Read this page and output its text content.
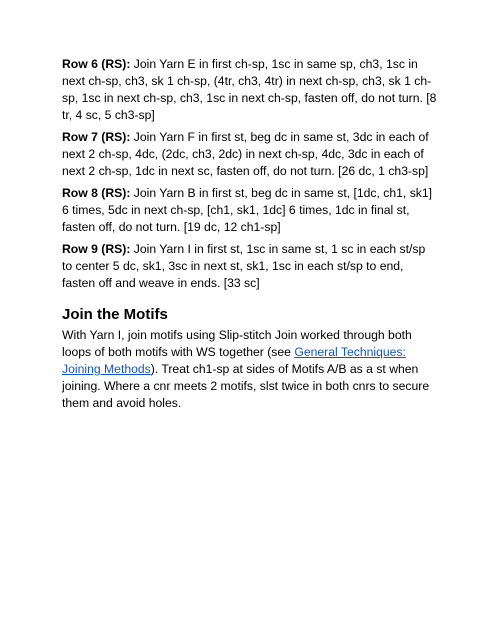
Row 6 (RS): Join Yarn E in first ch-sp, 1sc in same sp, ch3, 1sc in next ch-sp, ch3, sk 1 ch-sp, (4tr, ch3, 4tr) in next ch-sp, ch3, sk 1 ch-sp, 1sc in next ch-sp, ch3, 1sc in next ch-sp, fasten off, do not turn. [8 tr, 4 sc, 5 ch3-sp]

Row 7 (RS): Join Yarn F in first st, beg dc in same st, 3dc in each of next 2 ch-sp, 4dc, (2dc, ch3, 2dc) in next ch-sp, 4dc, 3dc in each of next 2 ch-sp, 1dc in next sc, fasten off, do not turn. [26 dc, 1 ch3-sp]

Row 8 (RS): Join Yarn B in first st, beg dc in same st, [1dc, ch1, sk1] 6 times, 5dc in next ch-sp, [ch1, sk1, 1dc] 6 times, 1dc in final st, fasten off, do not turn. [19 dc, 12 ch1-sp]

Row 9 (RS): Join Yarn I in first st, 1sc in same st, 1 sc in each st/sp to center 5 dc, sk1, 3sc in next st, sk1, 1sc in each st/sp to end, fasten off and weave in ends. [33 sc]

Join the Motifs

With Yarn I, join motifs using Slip-stitch Join worked through both loops of both motifs with WS together (see General Techniques: Joining Methods). Treat ch1-sp at sides of Motifs A/B as a st when joining. Where a cnr meets 2 motifs, slst twice in both cnrs to secure them and avoid holes.
